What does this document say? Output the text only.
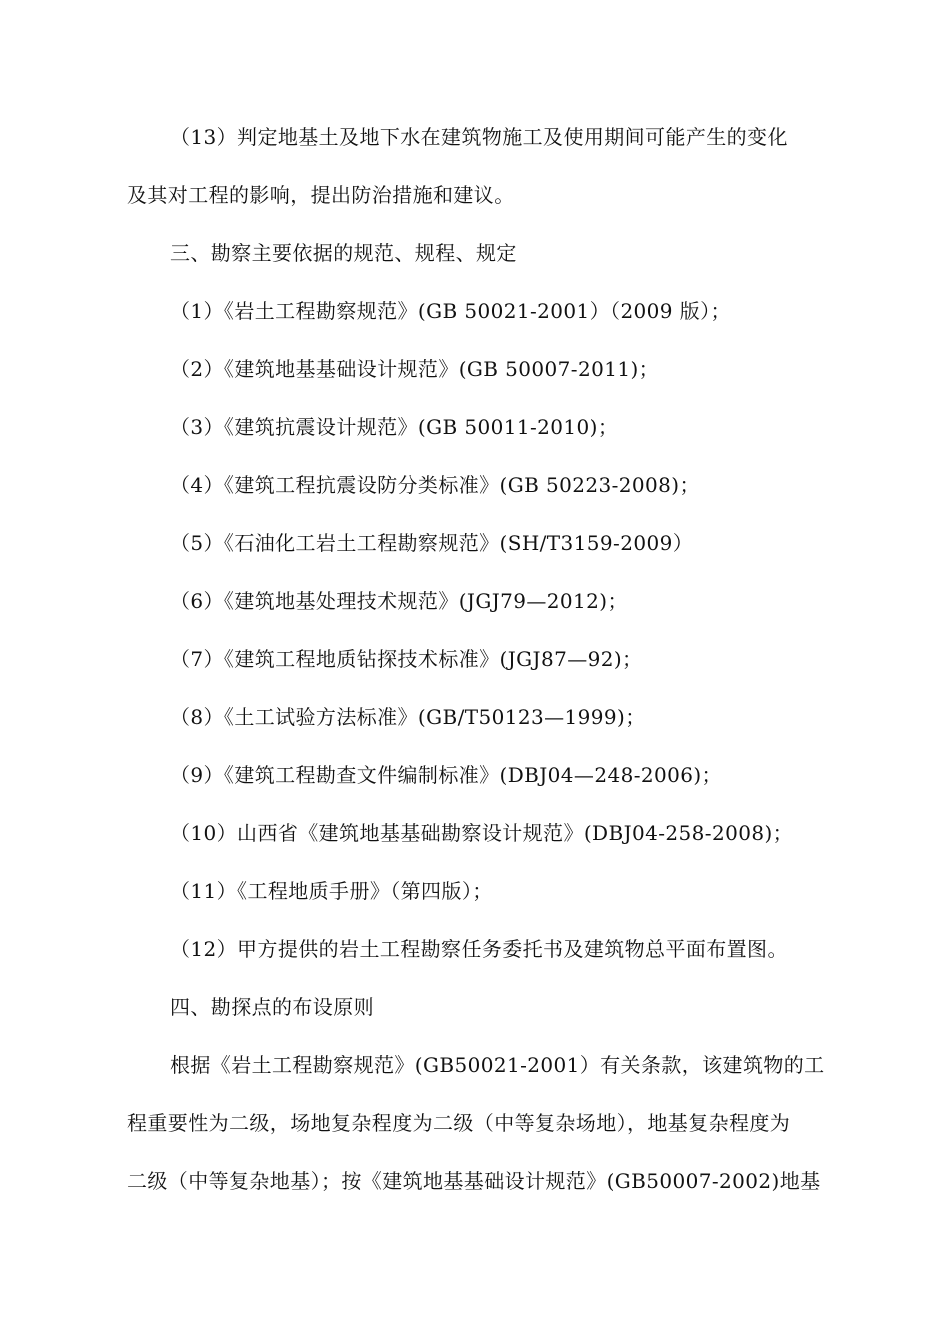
（13）判定地基土及地下水在建筑物施工及使用期间可能产生的变化
及其对工程的影响，提出防治措施和建议。
三、勘察主要依据的规范、规程、规定
（1）《岩土工程勘察规范》(GB 50021-2001）（2009 版）；
（2）《建筑地基基础设计规范》(GB 50007-2011)；
（3）《建筑抗震设计规范》(GB 50011-2010)；
（4）《建筑工程抗震设防分类标准》(GB 50223-2008)；
（5）《石油化工岩土工程勘察规范》(SH/T3159-2009）
（6）《建筑地基处理技术规范》(JGJ79—2012)；
（7）《建筑工程地质钻探技术标准》(JGJ87—92)；
（8）《土工试验方法标准》(GB/T50123—1999)；
（9）《建筑工程勘查文件编制标准》(DBJ04—248-2006)；
（10）山西省《建筑地基基础勘察设计规范》(DBJ04-258-2008)；
（11）《工程地质手册》（第四版）；
（12）甲方提供的岩土工程勘察任务委托书及建筑物总平面布置图。
四、勘探点的布设原则
根据《岩土工程勘察规范》(GB50021-2001）有关条款，该建筑物的工
程重要性为二级，场地复杂程度为二级（中等复杂场地），地基复杂程度为
二级（中等复杂地基）；按《建筑地基基础设计规范》(GB50007-2002)地基
